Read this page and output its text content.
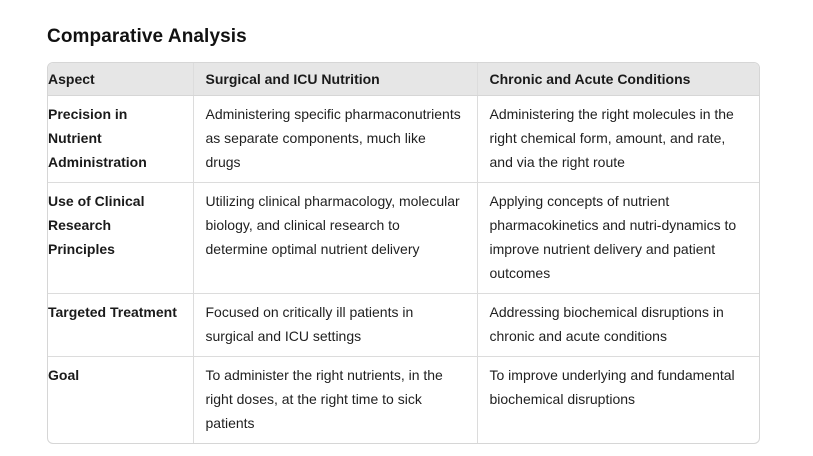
Comparative Analysis
Aspect	Surgical and ICU Nutrition	Chronic and Acute Conditions
Precision in Nutrient Administration	Administering specific pharmaconutrients as separate components, much like drugs	Administering the right molecules in the right chemical form, amount, and rate, and via the right route
Use of Clinical Research Principles	Utilizing clinical pharmacology, molecular biology, and clinical research to determine optimal nutrient delivery	Applying concepts of nutrient pharmacokinetics and nutri-dynamics to improve nutrient delivery and patient outcomes
Targeted Treatment	Focused on critically ill patients in surgical and ICU settings	Addressing biochemical disruptions in chronic and acute conditions
Goal	To administer the right nutrients, in the right doses, at the right time to sick patients	To improve underlying and fundamental biochemical disruptions
